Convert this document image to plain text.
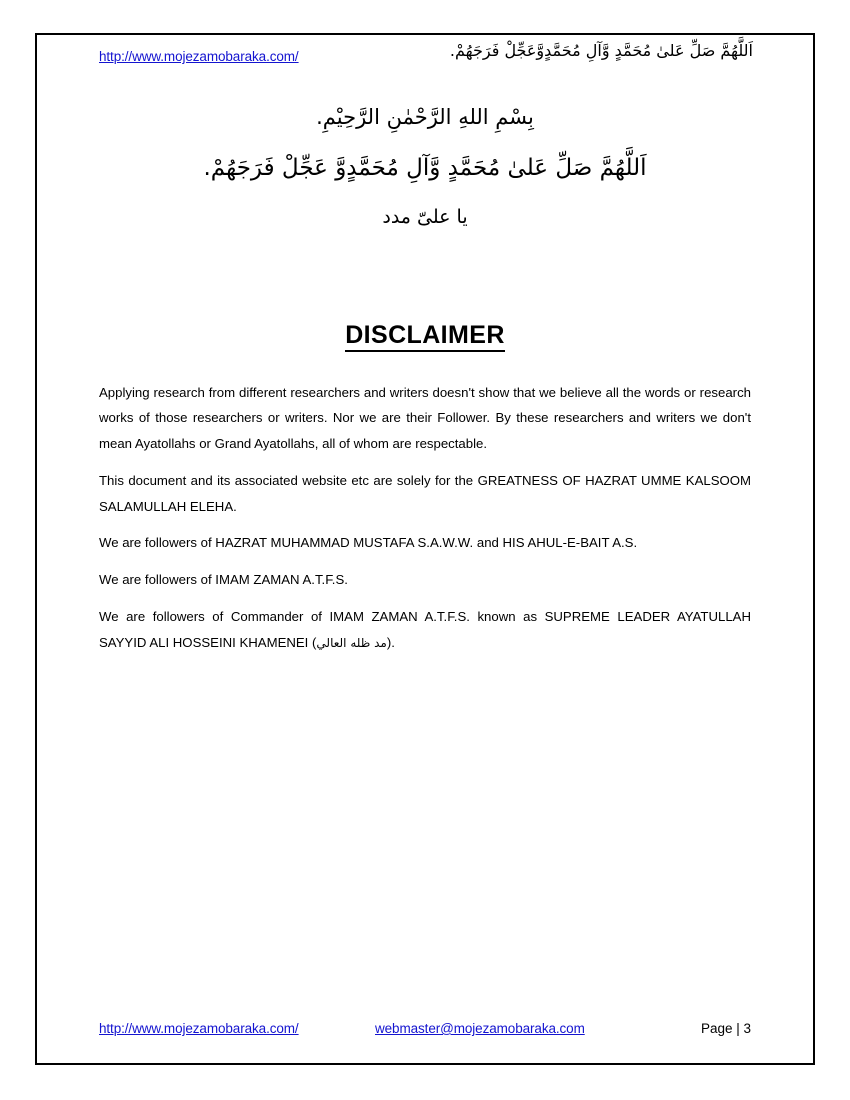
http://www.mojezamobaraka.com/	اَللَّهُمَّ صَلِّ عَلىٰ مُحَمَّدٍ وَّآلِ مُحَمَّدٍوَّعَجِّلْ فَرَجَهُمْ.
بِسْمِ اللهِ الرَّحْمٰنِ الرَّحِيْمِ.
اَللَّهُمَّ صَلِّ عَلىٰ مُحَمَّدٍ وَّآلِ مُحَمَّدٍوَّ عَجِّلْ فَرَجَهُمْ.
يا علىّ مدد
DISCLAIMER

Applying research from different researchers and writers doesn't show that we believe all the words or research works of those researchers or writers. Nor we are their Follower. By these researchers and writers we don't mean Ayatollahs or Grand Ayatollahs, all of whom are respectable.

This document and its associated website etc are solely for the GREATNESS OF HAZRAT UMME KALSOOM SALAMULLAH ELEHA.

We are followers of HAZRAT MUHAMMAD MUSTAFA S.A.W.W. and HIS AHUL-E-BAIT A.S.

We are followers of IMAM ZAMAN A.T.F.S.

We are followers of Commander of IMAM ZAMAN A.T.F.S. known as SUPREME LEADER AYATULLAH SAYYID ALI HOSSEINI KHAMENEI (مد ظله العالي).

http://www.mojezamobaraka.com/	webmaster@mojezamobaraka.com	Page | 3
